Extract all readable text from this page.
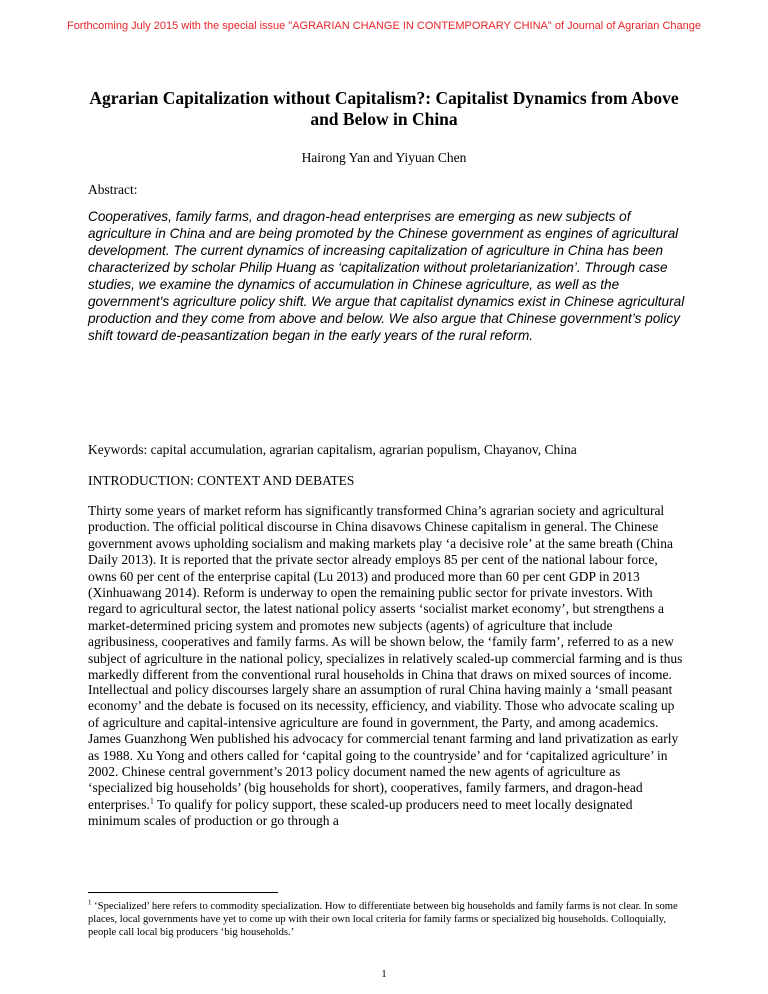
Forthcoming July 2015 with the special issue "AGRARIAN CHANGE IN CONTEMPORARY CHINA" of Journal of Agrarian Change
Agrarian Capitalization without Capitalism?: Capitalist Dynamics from Above and Below in China
Hairong Yan and Yiyuan Chen
Abstract:
Cooperatives, family farms, and dragon-head enterprises are emerging as new subjects of agriculture in China and are being promoted by the Chinese government as engines of agricultural development. The current dynamics of increasing capitalization of agriculture in China has been characterized by scholar Philip Huang as ‘capitalization without proletarianization’. Through case studies, we examine the dynamics of accumulation in Chinese agriculture, as well as the government's agriculture policy shift. We argue that capitalist dynamics exist in Chinese agricultural production and they come from above and below. We also argue that Chinese government’s policy shift toward de-peasantization began in the early years of the rural reform.
Keywords: capital accumulation, agrarian capitalism, agrarian populism, Chayanov, China
INTRODUCTION: CONTEXT AND DEBATES
Thirty some years of market reform has significantly transformed China’s agrarian society and agricultural production. The official political discourse in China disavows Chinese capitalism in general. The Chinese government avows upholding socialism and making markets play ‘a decisive role’ at the same breath (China Daily 2013). It is reported that the private sector already employs 85 per cent of the national labour force, owns 60 per cent of the enterprise capital (Lu 2013) and produced more than 60 per cent GDP in 2013 (Xinhuawang 2014). Reform is underway to open the remaining public sector for private investors. With regard to agricultural sector, the latest national policy asserts ‘socialist market economy’, but strengthens a market-determined pricing system and promotes new subjects (agents) of agriculture that include agribusiness, cooperatives and family farms. As will be shown below, the ‘family farm’, referred to as a new subject of agriculture in the national policy, specializes in relatively scaled-up commercial farming and is thus markedly different from the conventional rural households in China that draws on mixed sources of income.
Intellectual and policy discourses largely share an assumption of rural China having mainly a ‘small peasant economy’ and the debate is focused on its necessity, efficiency, and viability. Those who advocate scaling up of agriculture and capital-intensive agriculture are found in government, the Party, and among academics. James Guanzhong Wen published his advocacy for commercial tenant farming and land privatization as early as 1988. Xu Yong and others called for ‘capital going to the countryside’ and for ‘capitalized agriculture’ in 2002. Chinese central government’s 2013 policy document named the new agents of agriculture as ‘specialized big households’ (big households for short), cooperatives, family farmers, and dragon-head enterprises.$^1$ To qualify for policy support, these scaled-up producers need to meet locally designated minimum scales of production or go through a
$^1$ ‘Specialized’ here refers to commodity specialization. How to differentiate between big households and family farms is not clear. In some places, local governments have yet to come up with their own local criteria for family farms or specialized big households. Colloquially, people call local big producers ‘big households.’
1
